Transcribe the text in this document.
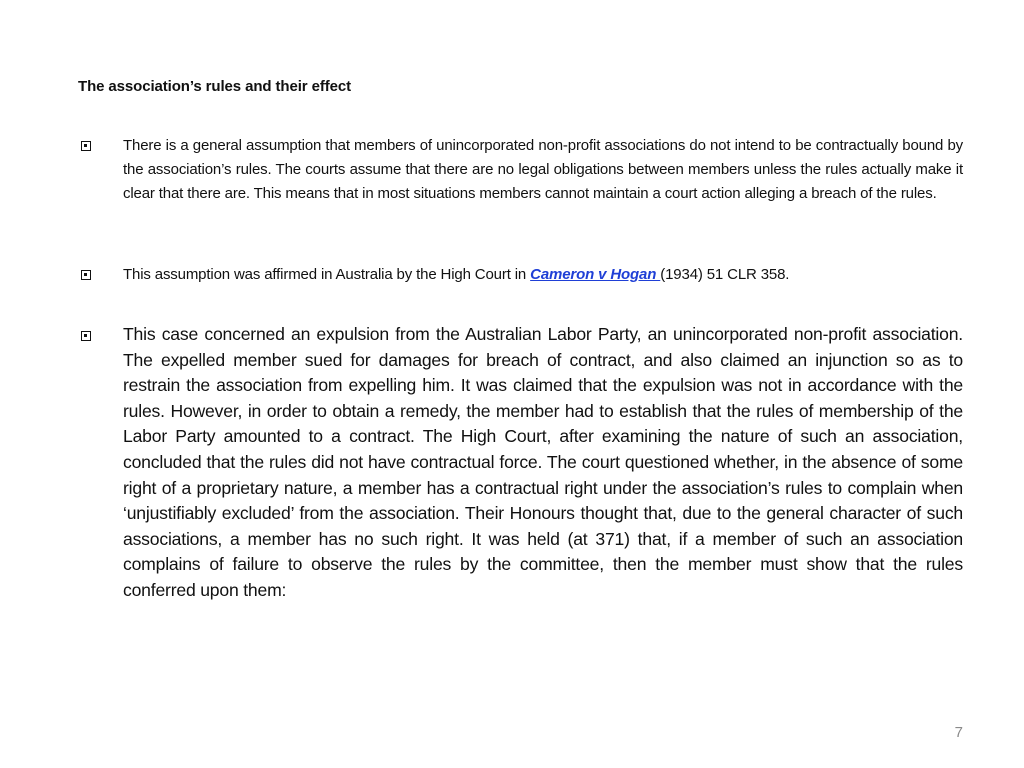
The association’s rules and their effect
There is a general assumption that members of unincorporated non-profit associations do not intend to be contractually bound by the association’s rules. The courts assume that there are no legal obligations between members unless the rules actually make it clear that there are. This means that in most situations members cannot maintain a court action alleging a breach of the rules.
This assumption was affirmed in Australia by the High Court in Cameron v Hogan (1934) 51 CLR 358.
This case concerned an expulsion from the Australian Labor Party, an unincorporated non-profit association. The expelled member sued for damages for breach of contract, and also claimed an injunction so as to restrain the association from expelling him. It was claimed that the expulsion was not in accordance with the rules. However, in order to obtain a remedy, the member had to establish that the rules of membership of the Labor Party amounted to a contract. The High Court, after examining the nature of such an association, concluded that the rules did not have contractual force. The court questioned whether, in the absence of some right of a proprietary nature, a member has a contractual right under the association’s rules to complain when ‘unjustifiably excluded’ from the association. Their Honours thought that, due to the general character of such associations, a member has no such right. It was held (at 371) that, if a member of such an association complains of failure to observe the rules by the committee, then the member must show that the rules conferred upon them:
7
